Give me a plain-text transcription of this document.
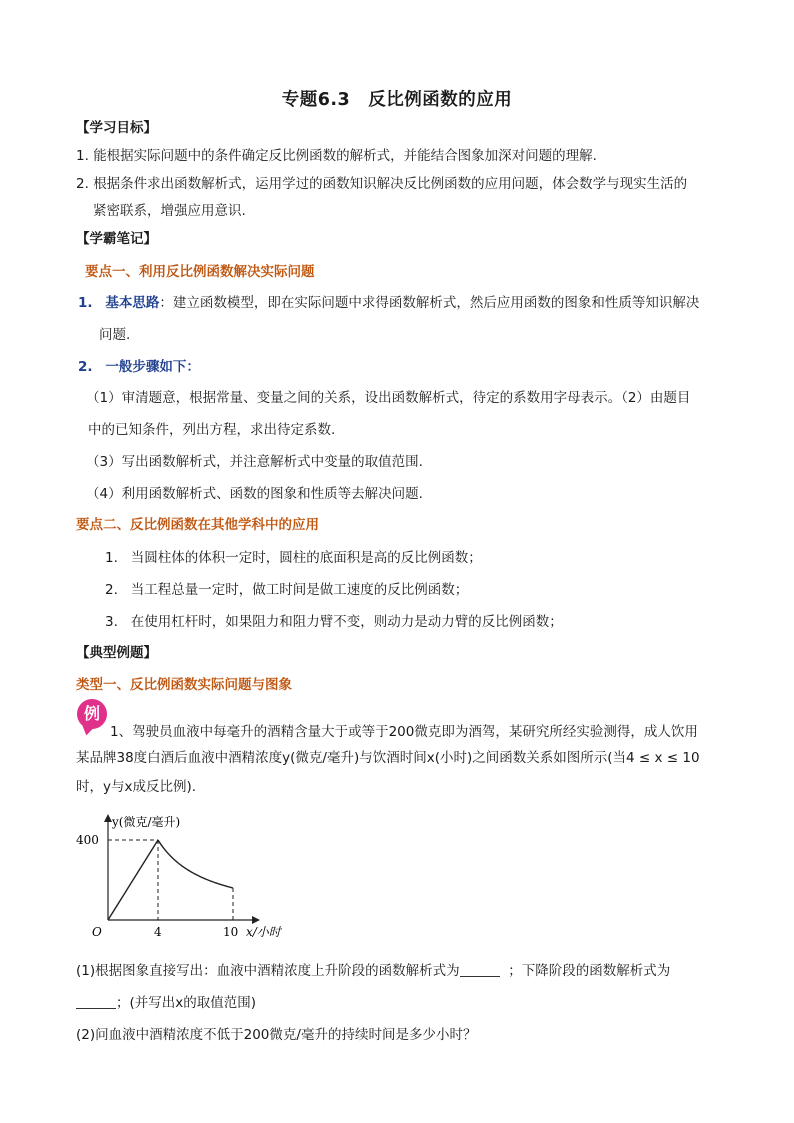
专题6.3　反比例函数的应用
【学习目标】
1. 能根据实际问题中的条件确定反比例函数的解析式，并能结合图象加深对问题的理解.
2. 根据条件求出函数解析式，运用学过的函数知识解决反比例函数的应用问题，体会数学与现实生活的
紧密联系，增强应用意识.
【学霸笔记】
要点一、利用反比例函数解决实际问题
1. 基本思路：建立函数模型，即在实际问题中求得函数解析式，然后应用函数的图象和性质等知识解决
问题.
2. 一般步骤如下：
（1）审清题意，根据常量、变量之间的关系，设出函数解析式，待定的系数用字母表示。（2）由题目
中的已知条件，列出方程，求出待定系数.
（3）写出函数解析式，并注意解析式中变量的取值范围.
（4）利用函数解析式、函数的图象和性质等去解决问题.
要点二、反比例函数在其他学科中的应用
1. 当圆柱体的体积一定时，圆柱的底面积是高的反比例函数；
2. 当工程总量一定时，做工时间是做工速度的反比例函数；
3. 在使用杠杆时，如果阻力和阻力臂不变，则动力是动力臂的反比例函数；
【典型例题】
类型一、反比例函数实际问题与图象
例
1、驾驶员血液中每毫升的酒精含量大于或等于200微克即为酒驾，某研究所经实验测得，成人饮用
某品牌38度白酒后血液中酒精浓度y(微克/毫升)与饮酒时间x(小时)之间函数关系如图所示(当4 ≤ x ≤ 10
时，y与x成反比例).
y(微克/毫升)
x/小时
O	4	10
400
(1)根据图象直接写出：血液中酒精浓度上升阶段的函数解析式为	；下降阶段的函数解析式为
；(并写出x的取值范围)
(2)问血液中酒精浓度不低于200微克/毫升的持续时间是多少小时？
